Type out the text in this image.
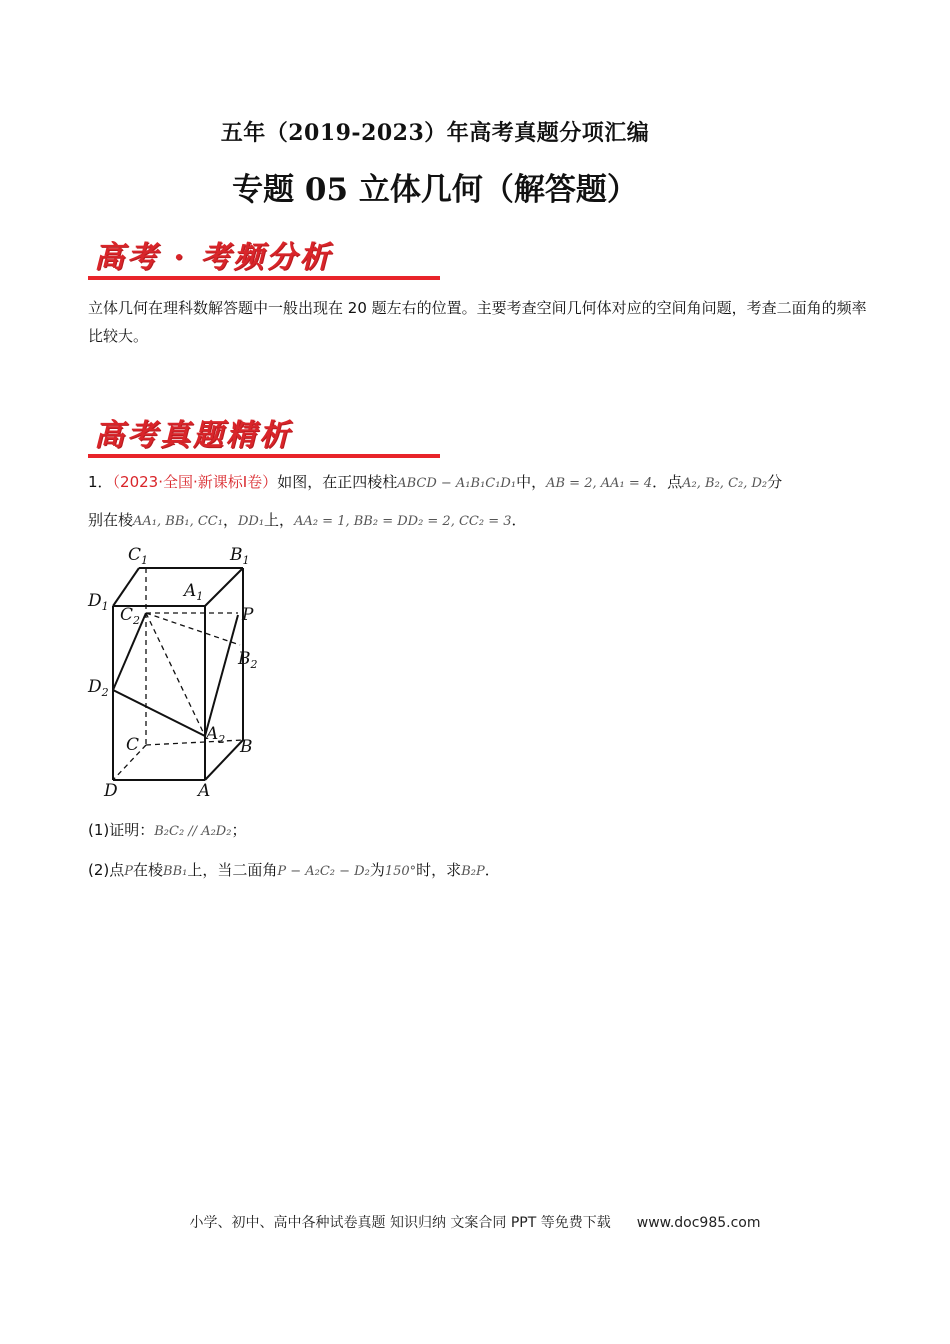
五年（2019-2023）年高考真题分项汇编
专题 05 立体几何（解答题）
高考 · 考频分析
立体几何在理科数解答题中一般出现在 20 题左右的位置。主要考查空间几何体对应的空间角问题，考查二面角的频率比较大。
高考真题精析
1．（2023·全国·新课标Ⅰ卷）如图，在正四棱柱ABCD − A₁B₁C₁D₁中，AB = 2, AA₁ = 4．点A₂, B₂, C₂, D₂分
别在棱AA₁, BB₁, CC₁，DD₁上，AA₂ = 1, BB₂ = DD₂ = 2, CC₂ = 3．
$C_1$	$B_1$
$A_1$
$D_1$ $C_2$	P
$B_2$
$D_2$
$A_2$
C	B
D	A
(1)证明：B₂C₂ // A₂D₂；
(2)点P在棱BB₁上，当二面角P − A₂C₂ − D₂为150°时，求B₂P．
小学、初中、高中各种试卷真题 知识归纳 文案合同 PPT 等免费下载 www.doc985.com
